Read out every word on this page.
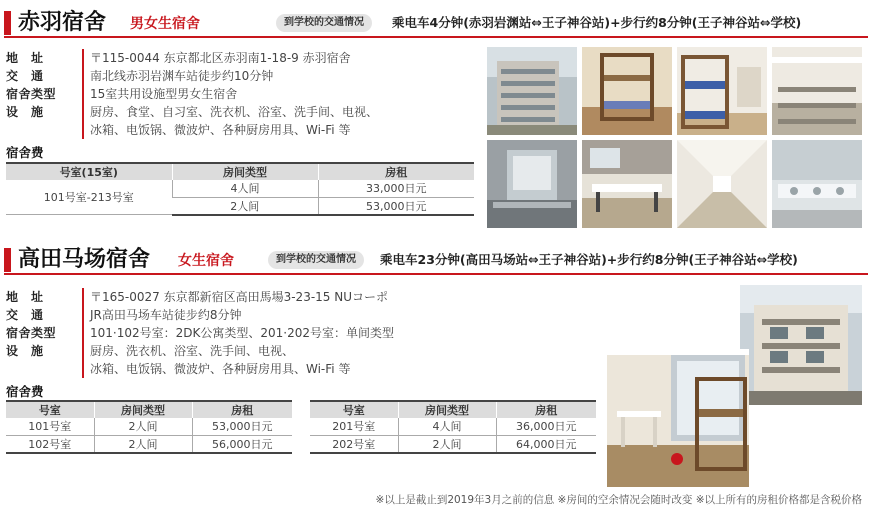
赤羽宿舍 男女生宿舍	到学校的交通情况	乘电车4分钟(赤羽岩渊站⇔王子神谷站)+步行约8分钟(王子神谷站⇔学校)
地　址	〒115-0044 东京都北区赤羽南1-18-9 赤羽宿舍
交　通	南北线赤羽岩渊车站徒步约10分钟
宿舍类型	15室共用设施型男女生宿舍
设　施	厨房、食堂、自习室、洗衣机、浴室、洗手间、电视、
冰箱、电饭锅、微波炉、各种厨房用具、Wi-Fi 等
宿舍费
号室(15室)	房间类型	房租
101号室-213号室	4人间	33,000日元
	2人间	53,000日元
高田马场宿舍 女生宿舍	到学校的交通情况	乘电车23分钟(高田马场站⇔王子神谷站)+步行约8分钟(王子神谷站⇔学校)
地　址	〒165-0027 东京都新宿区高田馬場3-23-15 NUコーポ
交　通	JR高田马场车站徒步约8分钟
宿舍类型	101·102号室：2DK公寓类型、201·202号室：单间类型
设　施	厨房、洗衣机、浴室、洗手间、电视、
冰箱、电饭锅、微波炉、各种厨房用具、Wi-Fi 等
宿舍费
号室	房间类型	房租
101号室	2人间	53,000日元
102号室	2人间	56,000日元
号室	房间类型	房租
201号室	4人间	36,000日元
202号室	2人间	64,000日元
※以上是截止到2019年3月之前的信息 ※房间的空余情况会随时改变 ※以上所有的房租价格都是含税价格
